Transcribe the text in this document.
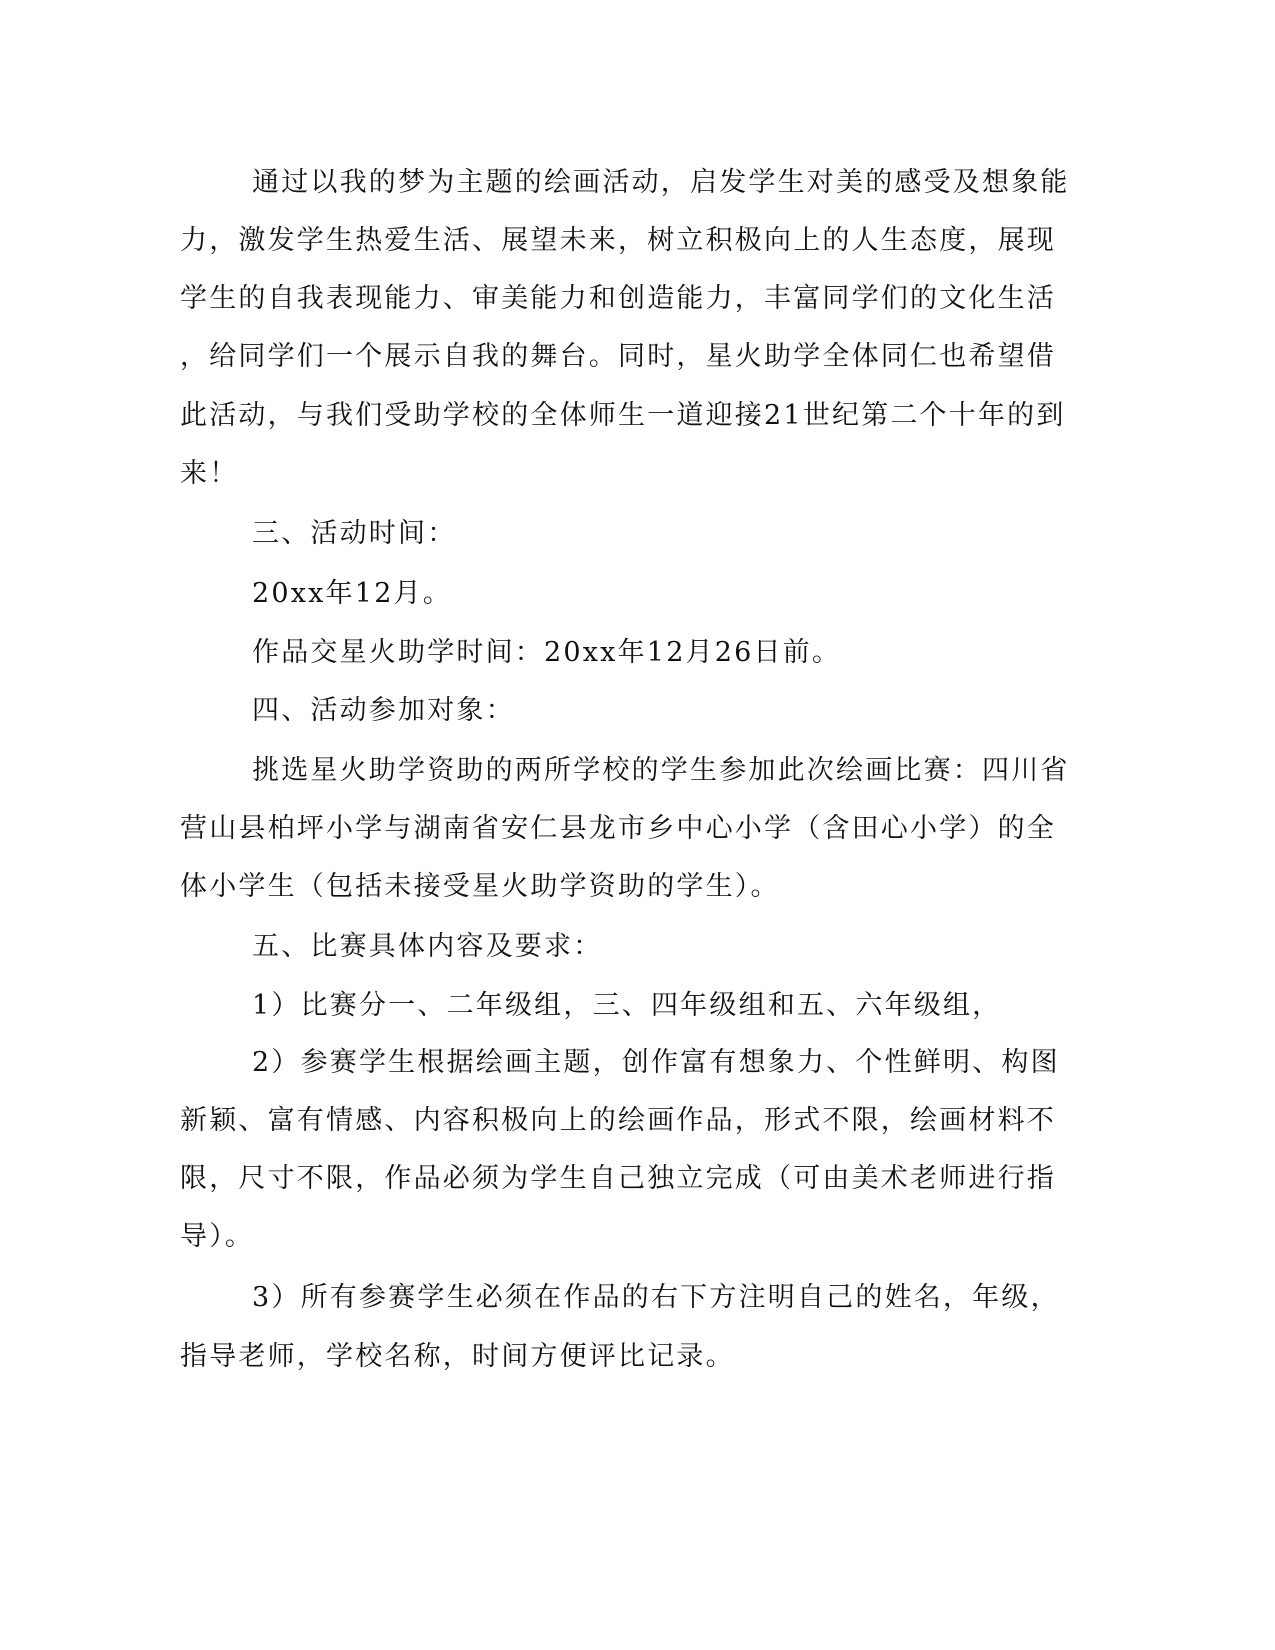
通过以我的梦为主题的绘画活动，启发学生对美的感受及想象能
力，激发学生热爱生活、展望未来，树立积极向上的人生态度，展现
学生的自我表现能力、审美能力和创造能力，丰富同学们的文化生活
，给同学们一个展示自我的舞台。同时，星火助学全体同仁也希望借
此活动，与我们受助学校的全体师生一道迎接21世纪第二个十年的到
来！
三、活动时间：
20xx年12月。
作品交星火助学时间：20xx年12月26日前。
四、活动参加对象：
挑选星火助学资助的两所学校的学生参加此次绘画比赛：四川省
营山县柏坪小学与湖南省安仁县龙市乡中心小学（含田心小学）的全
体小学生（包括未接受星火助学资助的学生）。
五、比赛具体内容及要求：
1）比赛分一、二年级组，三、四年级组和五、六年级组，
2）参赛学生根据绘画主题，创作富有想象力、个性鲜明、构图
新颖、富有情感、内容积极向上的绘画作品，形式不限，绘画材料不
限，尺寸不限，作品必须为学生自己独立完成（可由美术老师进行指
导）。
3）所有参赛学生必须在作品的右下方注明自己的姓名，年级，
指导老师，学校名称，时间方便评比记录。
